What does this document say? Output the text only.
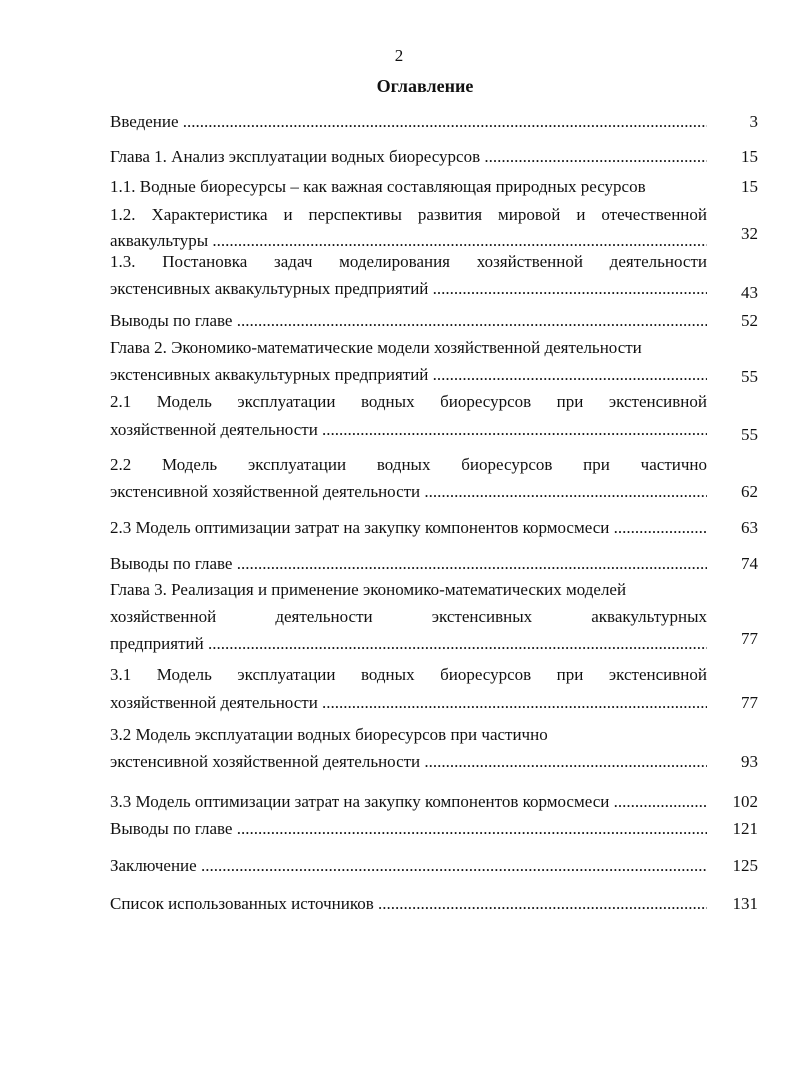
2
Оглавление
Введение .....	3
Глава 1. Анализ эксплуатации водных биоресурсов .....	15
1.1. Водные биоресурсы – как важная составляющая природных ресурсов	15
1.2. Характеристика и перспективы развития мировой и отечественной
аквакультуры .....	32
1.3. Постановка задач моделирования хозяйственной деятельности
экстенсивных аквакультурных предприятий .....	43
Выводы по главе .....	52
Глава 2. Экономико-математические модели хозяйственной деятельности
экстенсивных аквакультурных предприятий .....	55
2.1 Модель эксплуатации водных биоресурсов при экстенсивной
хозяйственной деятельности .....	55
2.2 Модель эксплуатации водных биоресурсов при частично
экстенсивной хозяйственной деятельности .....	62
2.3 Модель оптимизации затрат на закупку компонентов кормосмеси .....	63
Выводы по главе .....	74
Глава 3. Реализация и применение экономико-математических моделей
хозяйственной деятельности экстенсивных аквакультурных
предприятий .....	77
3.1 Модель эксплуатации водных биоресурсов при экстенсивной
хозяйственной деятельности .....	77
3.2 Модель эксплуатации водных биоресурсов при частично
экстенсивной хозяйственной деятельности .....	93
3.3 Модель оптимизации затрат на закупку компонентов кормосмеси .....	102
Выводы по главе .....	121
Заключение .....	125
Список использованных источников .....	131
